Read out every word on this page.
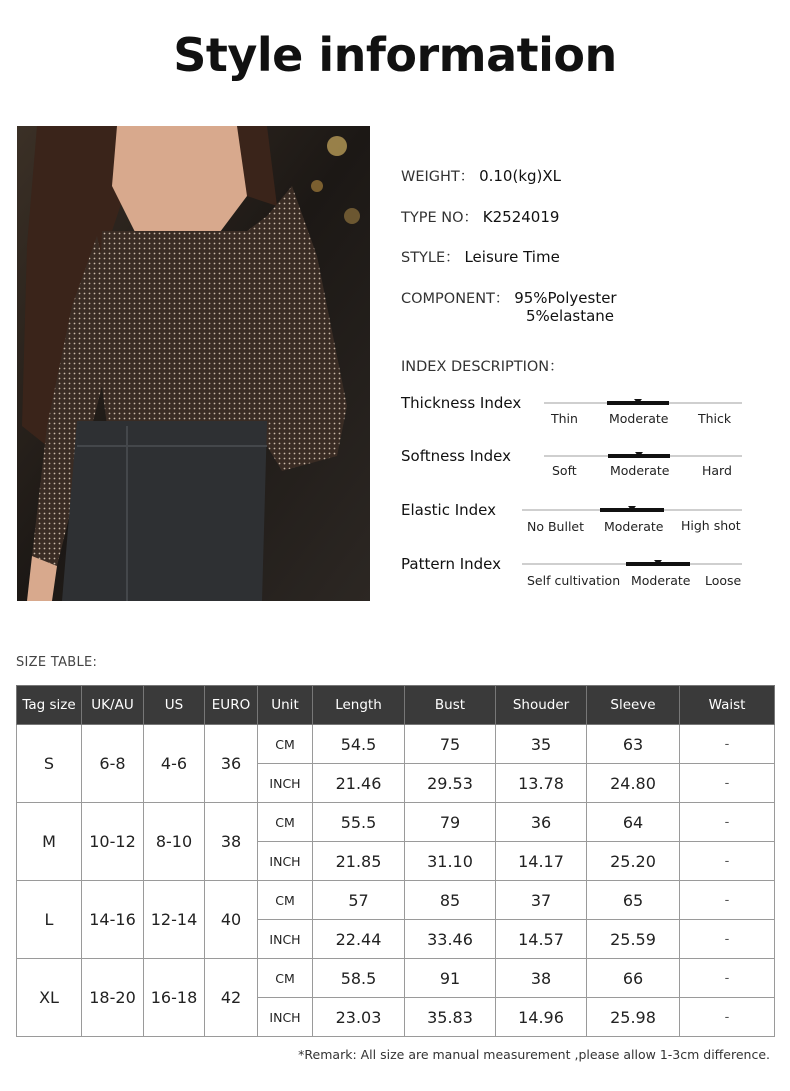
Style information
WEIGHT： 0.10(kg)XL
TYPE NO： K2524019
STYLE： Leisure Time
COMPONENT： 95%Polyester
5%elastane
INDEX DESCRIPTION：
Thickness Index
Thin Moderate Thick
Softness Index
Soft	Moderate	Hard
Elastic Index
No Bullet Moderate High shot
Pattern Index
Self cultivation Moderate Loose
SIZE TABLE:
Tag size	UK/AU	US	EURO	Unit	Length	Bust	Shouder	Sleeve	Waist
S	6-8	4-6	36	CM	54.5	75	35	63	-
				INCH	21.46	29.53	13.78	24.80	-
M	10-12	8-10	38	CM	55.5	79	36	64	-
				INCH	21.85	31.10	14.17	25.20	-
L	14-16	12-14	40	CM	57	85	37	65	-
				INCH	22.44	33.46	14.57	25.59	-
XL	18-20	16-18	42	CM	58.5	91	38	66	-
				INCH	23.03	35.83	14.96	25.98	-
*Remark: All size are manual measurement ,please allow 1-3cm difference.
